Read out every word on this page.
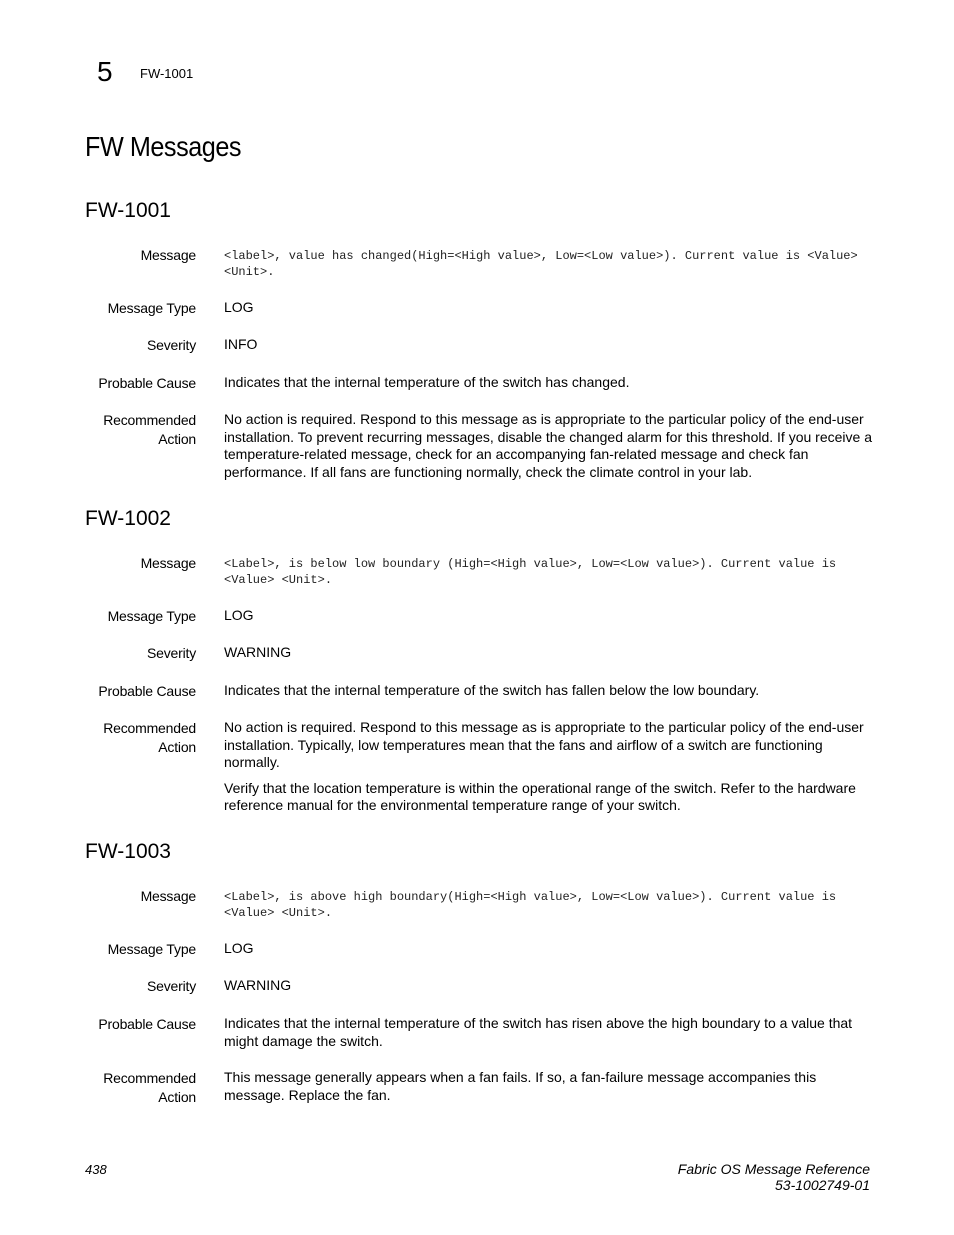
5 FW-1001
FW Messages
FW-1001
Message <label>, value has changed(High=<High value>, Low=<Low value>). Current value is <Value> <Unit>.
Message Type LOG
Severity INFO
Probable Cause Indicates that the internal temperature of the switch has changed.
Recommended
Action

No action is required. Respond to this message as is appropriate to the particular policy of the end-user installation. To prevent recurring messages, disable the changed alarm for this threshold. If you receive a temperature-related message, check for an accompanying fan-related message and check fan performance. If all fans are functioning normally, check the climate control in your lab.

FW-1002
Message <Label>, is below low boundary (High=<High value>, Low=<Low value>). Current value is <Value> <Unit>.
Message Type LOG
Severity WARNING
Probable Cause Indicates that the internal temperature of the switch has fallen below the low boundary.
Recommended
Action

No action is required. Respond to this message as is appropriate to the particular policy of the end-user installation. Typically, low temperatures mean that the fans and airflow of a switch are functioning normally.

Verify that the location temperature is within the operational range of the switch. Refer to the hardware reference manual for the environmental temperature range of your switch.

FW-1003
Message <Label>, is above high boundary(High=<High value>, Low=<Low value>). Current value is <Value> <Unit>.
Message Type LOG
Severity WARNING
Probable Cause Indicates that the internal temperature of the switch has risen above the high boundary to a value that might damage the switch.
Recommended
Action

This message generally appears when a fan fails. If so, a fan-failure message accompanies this message. Replace the fan.

438	Fabric OS Message Reference
53-1002749-01
